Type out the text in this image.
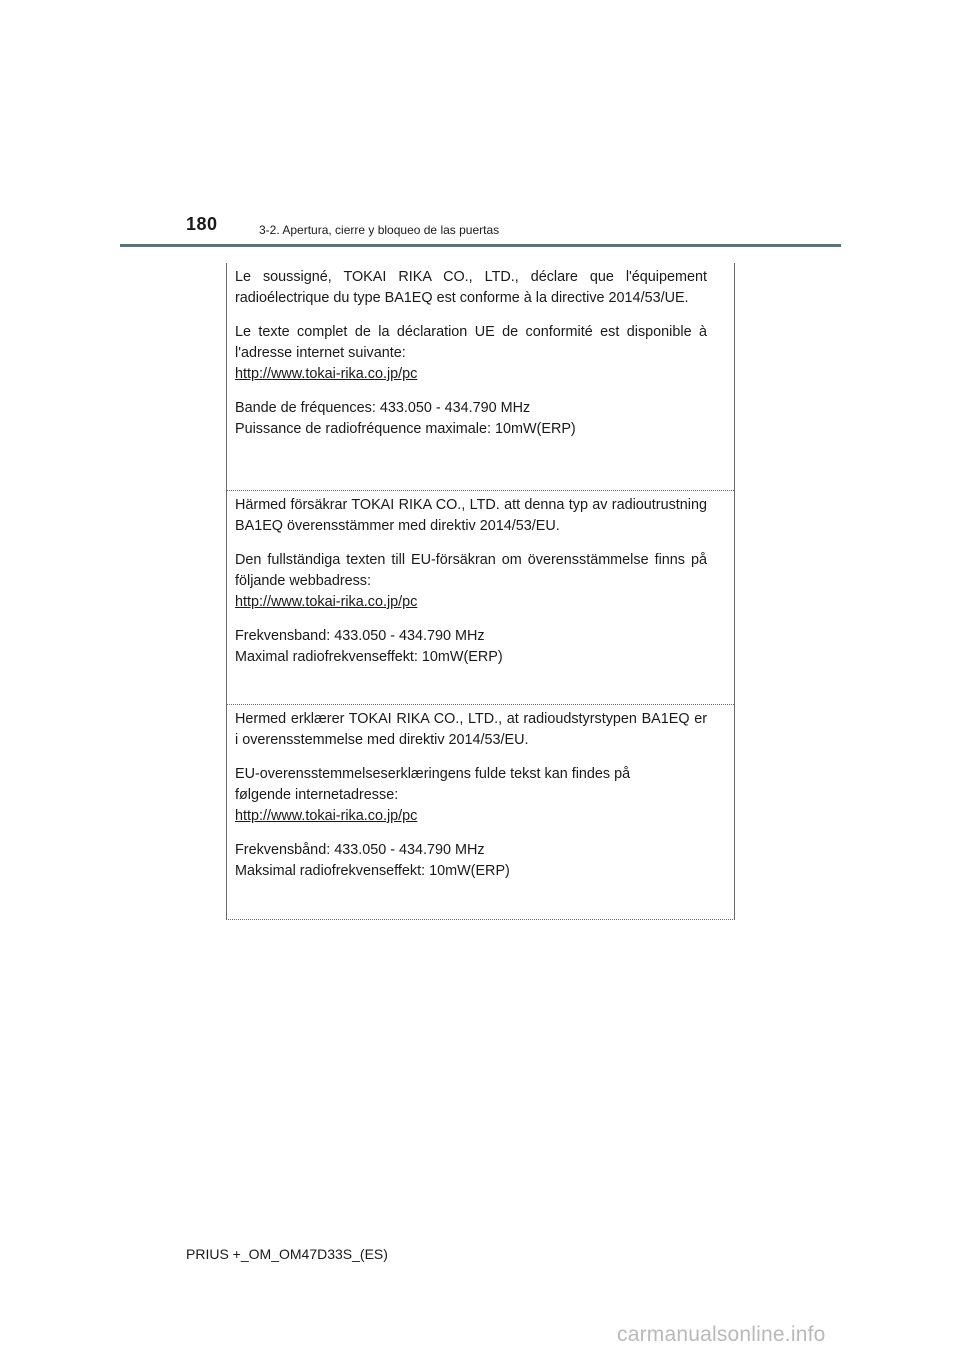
180	3-2. Apertura, cierre y bloqueo de las puertas

Le soussigné, TOKAI RIKA CO., LTD., déclare que l'équipement radioélectrique du type BA1EQ est conforme à la directive 2014/53/UE.

Le texte complet de la déclaration UE de conformité est disponible à l'adresse internet suivante:

http://www.tokai-rika.co.jp/pc

Bande de fréquences: 433.050 - 434.790 MHz

Puissance de radiofréquence maximale: 10mW(ERP)

Härmed försäkrar TOKAI RIKA CO., LTD. att denna typ av radioutrustning BA1EQ överensstämmer med direktiv 2014/53/EU.

Den fullständiga texten till EU-försäkran om överensstämmelse finns på följande webbadress:

http://www.tokai-rika.co.jp/pc

Frekvensband: 433.050 - 434.790 MHz

Maximal radiofrekvenseffekt: 10mW(ERP)

Hermed erklærer TOKAI RIKA CO., LTD., at radioudstyrstypen BA1EQ er i overensstemmelse med direktiv 2014/53/EU.

EU-overensstemmelseserklæringens fulde tekst kan findes på

følgende internetadresse:

http://www.tokai-rika.co.jp/pc

Frekvensbånd: 433.050 - 434.790 MHz

Maksimal radiofrekvenseffekt: 10mW(ERP)

PRIUS +_OM_OM47D33S_(ES)
carmanualsonline.info
